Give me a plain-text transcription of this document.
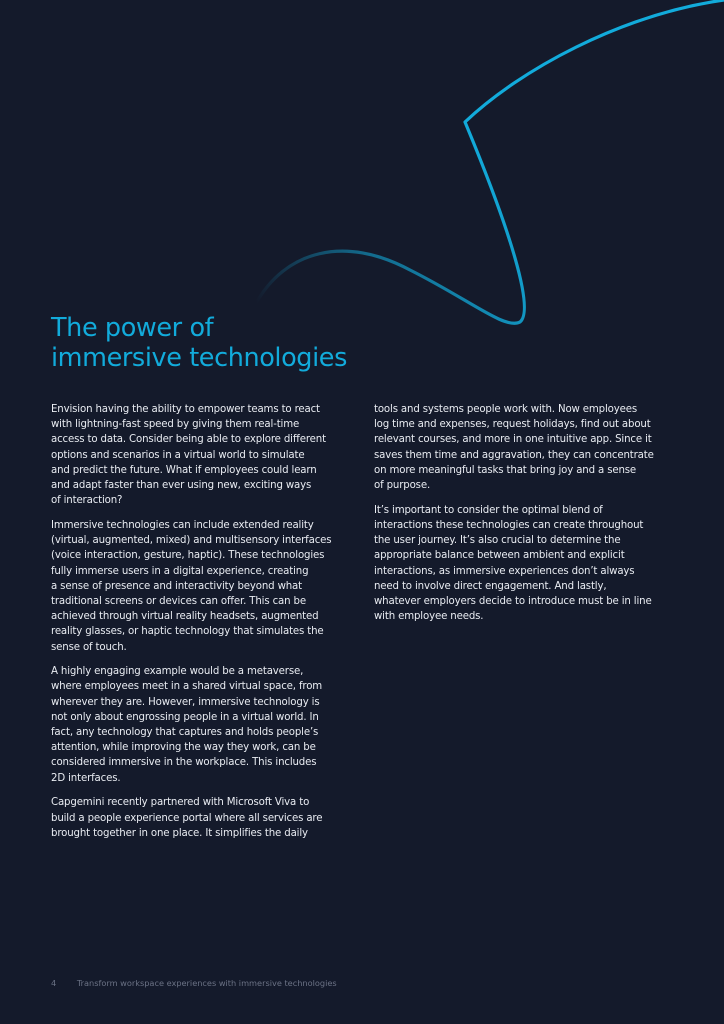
The power of
immersive technologies

Envision having the ability to empower teams to react
with lightning-fast speed by giving them real-time
access to data. Consider being able to explore different
options and scenarios in a virtual world to simulate
and predict the future. What if employees could learn
and adapt faster than ever using new, exciting ways
of interaction?

Immersive technologies can include extended reality
(virtual, augmented, mixed) and multisensory interfaces
(voice interaction, gesture, haptic). These technologies
fully immerse users in a digital experience, creating
a sense of presence and interactivity beyond what
traditional screens or devices can offer. This can be
achieved through virtual reality headsets, augmented
reality glasses, or haptic technology that simulates the
sense of touch.

A highly engaging example would be a metaverse,
where employees meet in a shared virtual space, from
wherever they are. However, immersive technology is
not only about engrossing people in a virtual world. In
fact, any technology that captures and holds people’s
attention, while improving the way they work, can be
considered immersive in the workplace. This includes
2D interfaces.

Capgemini recently partnered with Microsoft Viva to
build a people experience portal where all services are
brought together in one place. It simplifies the daily

tools and systems people work with. Now employees
log time and expenses, request holidays, find out about
relevant courses, and more in one intuitive app. Since it
saves them time and aggravation, they can concentrate
on more meaningful tasks that bring joy and a sense
of purpose.

It’s important to consider the optimal blend of
interactions these technologies can create throughout
the user journey. It’s also crucial to determine the
appropriate balance between ambient and explicit
interactions, as immersive experiences don’t always
need to involve direct engagement. And lastly,
whatever employers decide to introduce must be in line
with employee needs.

4	Transform workspace experiences with immersive technologies
